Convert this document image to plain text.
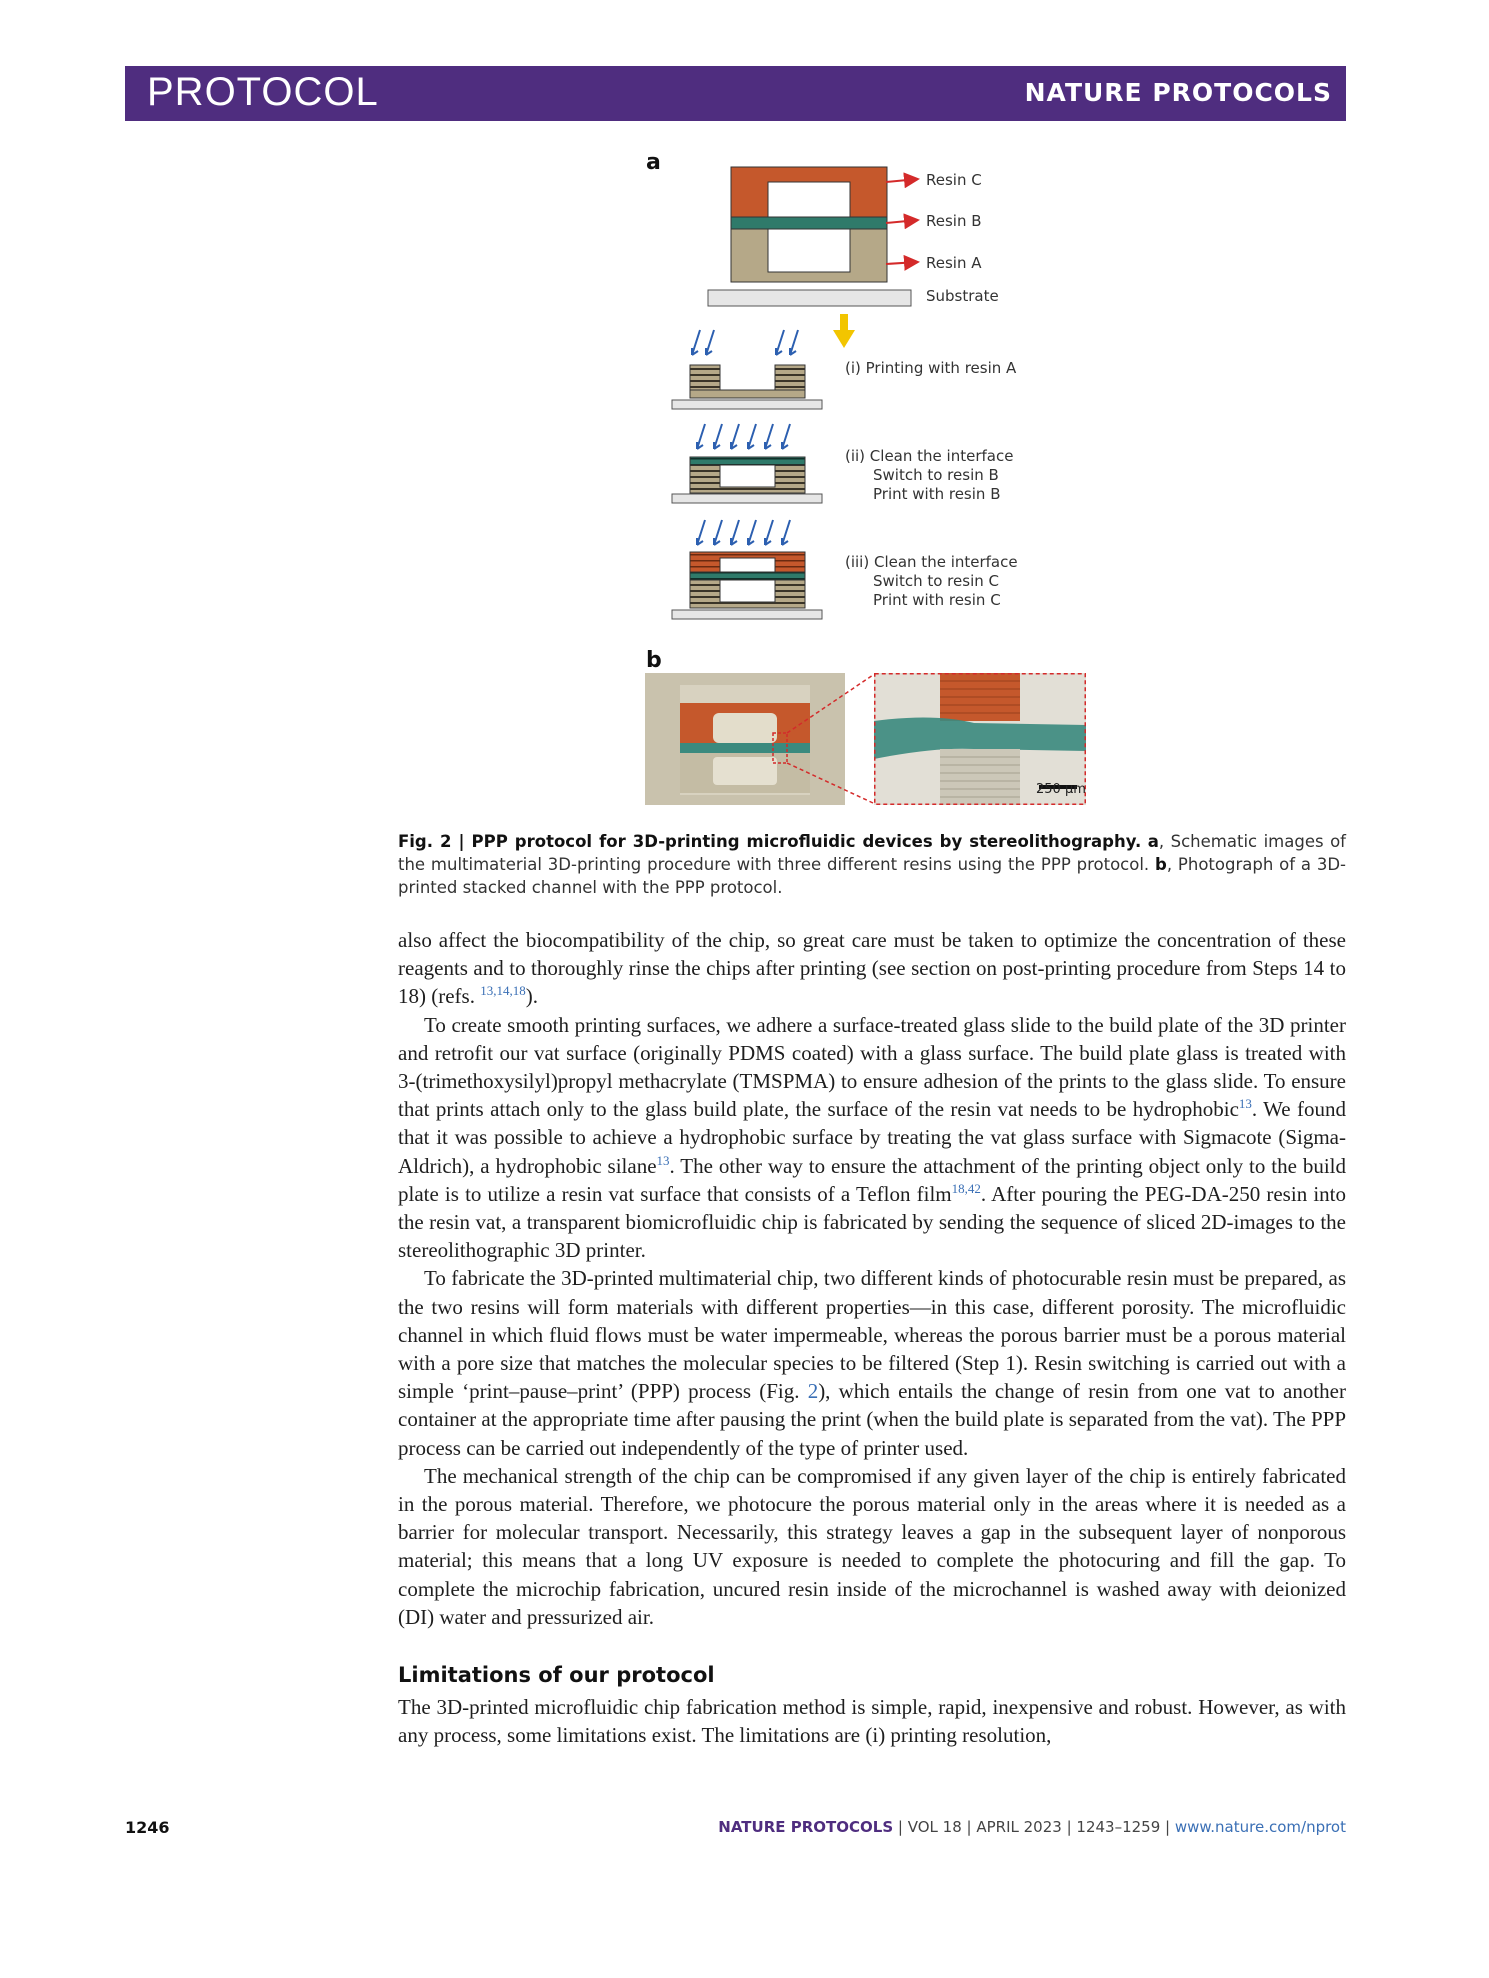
PROTOCOL	NATURE PROTOCOLS
a
Resin C
Resin B
Resin A
Substrate
(i) Printing with resin A
(ii) Clean the interface
Switch to resin B
Print with resin B
(iii) Clean the interface
Switch to resin C
Print with resin C
b
250 μm
Fig. 2 | PPP protocol for 3D-printing microfluidic devices by stereolithography. a, Schematic images of the multimaterial 3D-printing procedure with three different resins using the PPP protocol. b, Photograph of a 3D-printed stacked channel with the PPP protocol.

also affect the biocompatibility of the chip, so great care must be taken to optimize the concentration of these reagents and to thoroughly rinse the chips after printing (see section on post-printing procedure from Steps 14 to 18) (refs. $^{13,14,18}$).

To create smooth printing surfaces, we adhere a surface-treated glass slide to the build plate of the 3D printer and retrofit our vat surface (originally PDMS coated) with a glass surface. The build plate glass is treated with 3-(trimethoxysilyl)propyl methacrylate (TMSPMA) to ensure adhesion of the prints to the glass slide. To ensure that prints attach only to the glass build plate, the surface of the resin vat needs to be hydrophobic$^{13}$. We found that it was possible to achieve a hydrophobic surface by treating the vat glass surface with Sigmacote (Sigma-Aldrich), a hydrophobic silane$^{13}$. The other way to ensure the attachment of the printing object only to the build plate is to utilize a resin vat surface that consists of a Teflon film$^{18,42}$. After pouring the PEG-DA-250 resin into the resin vat, a transparent biomicrofluidic chip is fabricated by sending the sequence of sliced 2D-images to the stereolithographic 3D printer.

To fabricate the 3D-printed multimaterial chip, two different kinds of photocurable resin must be prepared, as the two resins will form materials with different properties—in this case, different porosity. The microfluidic channel in which fluid flows must be water impermeable, whereas the porous barrier must be a porous material with a pore size that matches the molecular species to be filtered (Step 1). Resin switching is carried out with a simple ‘print–pause–print’ (PPP) process (Fig. 2), which entails the change of resin from one vat to another container at the appropriate time after pausing the print (when the build plate is separated from the vat). The PPP process can be carried out independently of the type of printer used.

The mechanical strength of the chip can be compromised if any given layer of the chip is entirely fabricated in the porous material. Therefore, we photocure the porous material only in the areas where it is needed as a barrier for molecular transport. Necessarily, this strategy leaves a gap in the subsequent layer of nonporous material; this means that a long UV exposure is needed to complete the photocuring and fill the gap. To complete the microchip fabrication, uncured resin inside of the microchannel is washed away with deionized (DI) water and pressurized air.

Limitations of our protocol

The 3D-printed microfluidic chip fabrication method is simple, rapid, inexpensive and robust. However, as with any process, some limitations exist. The limitations are (i) printing resolution,

1246	NATURE PROTOCOLS | VOL 18 | APRIL 2023 | 1243–1259 | www.nature.com/nprot
